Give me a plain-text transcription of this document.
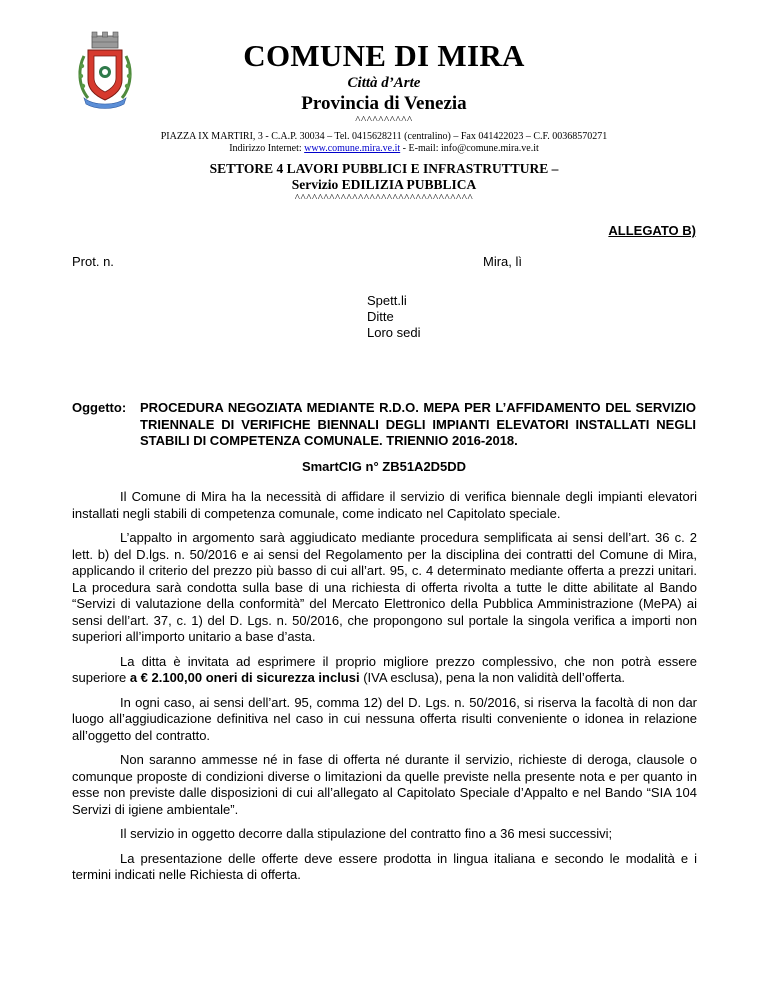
COMUNE DI MIRA
Città d’Arte
Provincia di Venezia
^^^^^^^^^^
PIAZZA IX MARTIRI, 3 - C.A.P. 30034 – Tel. 0415628211 (centralino) – Fax 041422023 – C.F. 00368570271
Indirizzo Internet: www.comune.mira.ve.it - E-mail: info@comune.mira.ve.it
SETTORE 4 LAVORI PUBBLICI E INFRASTRUTTURE –
Servizio EDILIZIA PUBBLICA
^^^^^^^^^^^^^^^^^^^^^^^^^^^^^^^
ALLEGATO B)
Prot. n.	Mira, lì
Spett.li
Ditte
Loro sedi
Oggetto: PROCEDURA NEGOZIATA MEDIANTE R.D.O. MEPA PER L’AFFIDAMENTO DEL SERVIZIO TRIENNALE DI VERIFICHE BIENNALI DEGLI IMPIANTI ELEVATORI INSTALLATI NEGLI STABILI DI COMPETENZA COMUNALE. TRIENNIO 2016-2018.
SmartCIG n° ZB51A2D5DD

Il Comune di Mira ha la necessità di affidare il servizio di verifica biennale degli impianti elevatori installati negli stabili di competenza comunale, come indicato nel Capitolato speciale.

L’appalto in argomento sarà aggiudicato mediante procedura semplificata ai sensi dell’art. 36 c. 2 lett. b) del D.lgs. n. 50/2016 e ai sensi del Regolamento per la disciplina dei contratti del Comune di Mira, applicando il criterio del prezzo più basso di cui all’art. 95, c. 4 determinato mediante offerta a prezzi unitari. La procedura sarà condotta sulla base di una richiesta di offerta rivolta a tutte le ditte abilitate al Bando “Servizi di valutazione della conformità” del Mercato Elettronico della Pubblica Amministrazione (MePA) ai sensi dell’art. 37, c. 1) del D. Lgs. n. 50/2016, che propongono sul portale la singola verifica a importi non superiori all’importo unitario a base d’asta.

La ditta è invitata ad esprimere il proprio migliore prezzo complessivo, che non potrà essere superiore a € 2.100,00 oneri di sicurezza inclusi (IVA esclusa), pena la non validità dell’offerta.

In ogni caso, ai sensi dell’art. 95, comma 12) del D. Lgs. n. 50/2016, si riserva la facoltà di non dar luogo all’aggiudicazione definitiva nel caso in cui nessuna offerta risulti conveniente o idonea in relazione all’oggetto del contratto.

Non saranno ammesse né in fase di offerta né durante il servizio, richieste di deroga, clausole o comunque proposte di condizioni diverse o limitazioni da quelle previste nella presente nota e per quanto in esse non previste dalle disposizioni di cui all’allegato al Capitolato Speciale d’Appalto e nel Bando “SIA 104 Servizi di igiene ambientale”.

Il servizio in oggetto decorre dalla stipulazione del contratto fino a 36 mesi successivi;

La presentazione delle offerte deve essere prodotta in lingua italiana e secondo le modalità e i termini indicati nelle Richiesta di offerta.
